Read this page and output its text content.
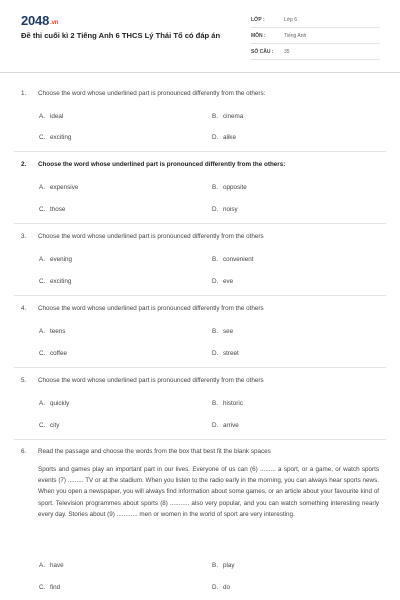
2048.vn
Đề thi cuối kì 2 Tiếng Anh 6 THCS Lý Thái Tổ có đáp án
LỚP :	Lớp 6
MÔN :	Tiếng Anh
SỐ CÂU :	35
1. Choose the word whose underlined part is pronounced differently from the others:
A. ideal	B. cinema
C. exciting	D. alike
2. Choose the word whose underlined part is pronounced differently from the others:
A. expensive	B. opposite
C. those	D. noisy
3. Choose the word whose underlined part is pronounced differently from the others
A. evening	B. convenient
C. exciting	D. eve
4. Choose the word whose underlined part is pronounced differently from the others
A. teens	B. see
C. coffee	D. street
5. Choose the word whose underlined part is pronounced differently from the others
A. quickly	B. historic
C. city	D. arrive
6. Read the passage and choose the words from the box that best fit the blank spaces
Sports and games play an important part in our lives. Everyone of us can (6) ......... a sport, or a game, or watch sports events (7) ......... TV or at the stadium. When you listen to the radio early in the morning, you can always hear sports news. When you open a newspaper, you will always find information about some games, or an article about your favourite kind of sport. Television programmes about sports (8) ........... also very popular, and you can watch something interesting nearly every day. Stories about (9) ............ men or women in the world of sport are very interesting.
A. have	B. play
C. find	D. do
